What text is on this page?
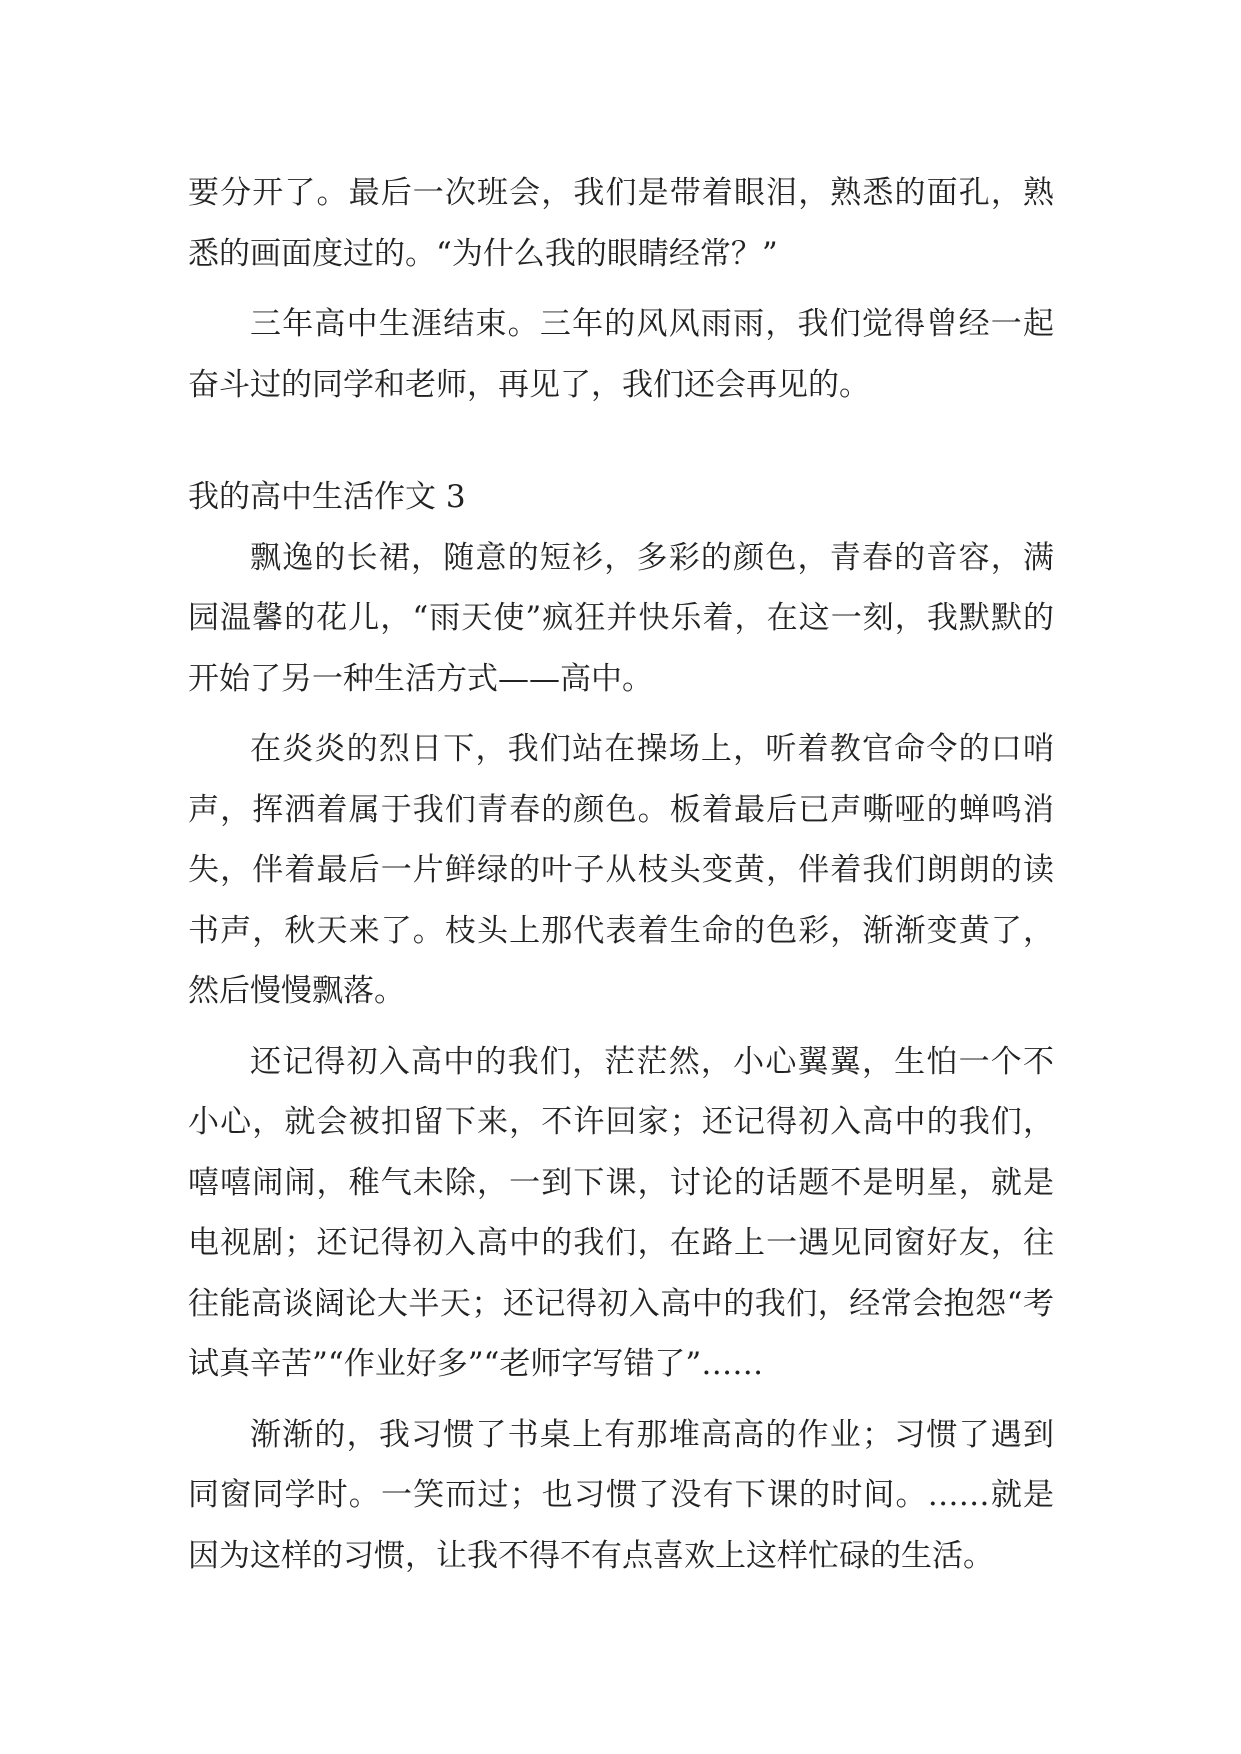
要分开了。最后一次班会，我们是带着眼泪，熟悉的面孔，熟悉的画面度过的。“为什么我的眼睛经常？”

三年高中生涯结束。三年的风风雨雨，我们觉得曾经一起奋斗过的同学和老师，再见了，我们还会再见的。

我的高中生活作文 3

飘逸的长裙，随意的短衫，多彩的颜色，青春的音容，满园温馨的花儿，“雨天使”疯狂并快乐着，在这一刻，我默默的开始了另一种生活方式——高中。

在炎炎的烈日下，我们站在操场上，听着教官命令的口哨声，挥洒着属于我们青春的颜色。板着最后已声嘶哑的蝉鸣消失，伴着最后一片鲜绿的叶子从枝头变黄，伴着我们朗朗的读书声，秋天来了。枝头上那代表着生命的色彩，渐渐变黄了，然后慢慢飘落。

还记得初入高中的我们，茫茫然，小心翼翼，生怕一个不小心，就会被扣留下来，不许回家；还记得初入高中的我们，嘻嘻闹闹，稚气未除，一到下课，讨论的话题不是明星，就是电视剧；还记得初入高中的我们，在路上一遇见同窗好友，往往能高谈阔论大半天；还记得初入高中的我们，经常会抱怨“考试真辛苦”“作业好多”“老师字写错了”……

渐渐的，我习惯了书桌上有那堆高高的作业；习惯了遇到同窗同学时。一笑而过；也习惯了没有下课的时间。……就是因为这样的习惯，让我不得不有点喜欢上这样忙碌的生活。
